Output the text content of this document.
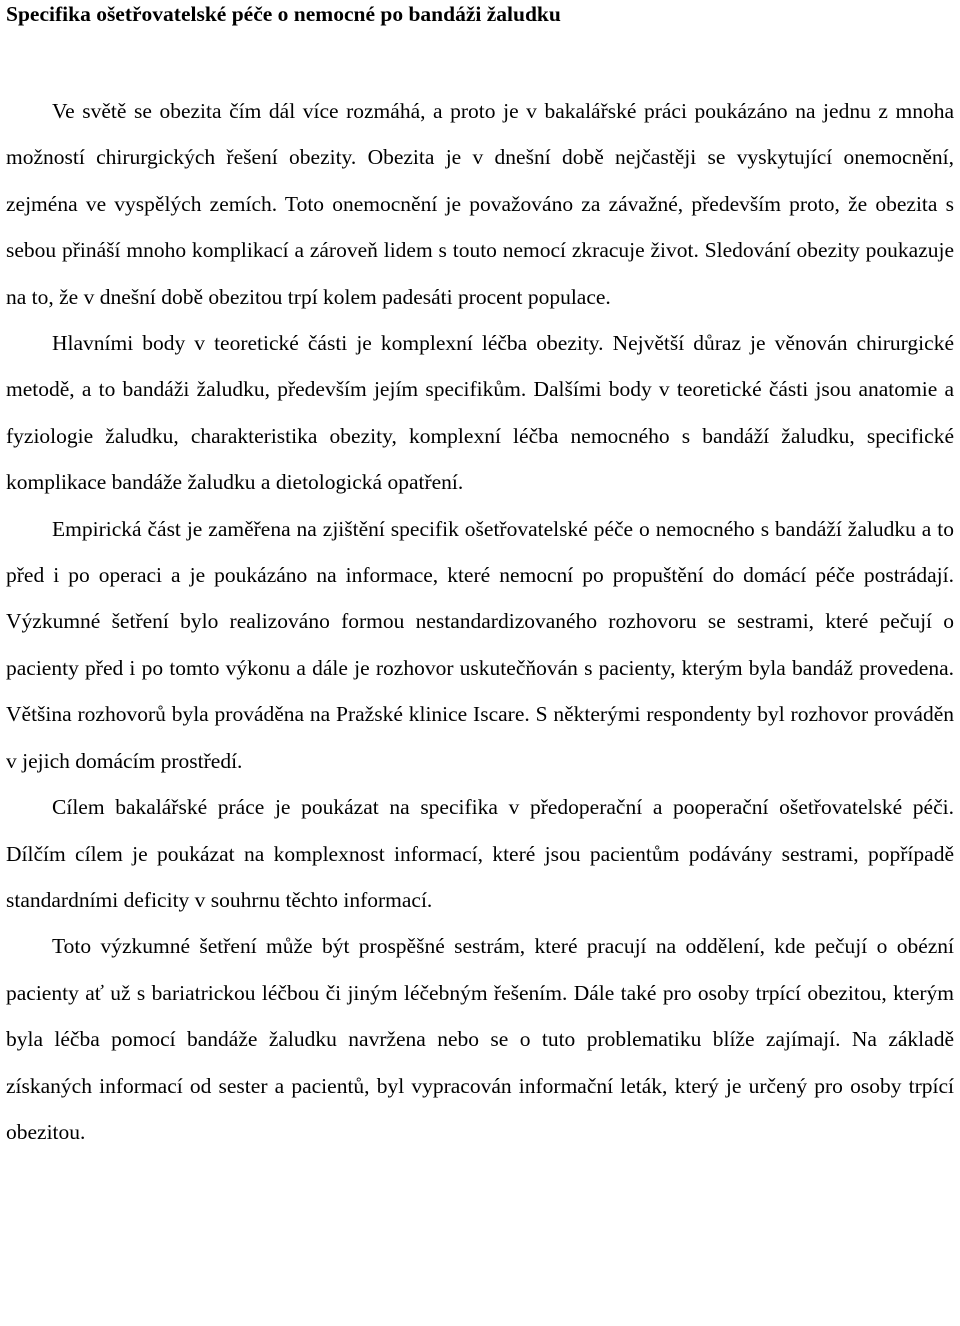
Specifika ošetřovatelské péče o nemocné po bandáži žaludku

Ve světě se obezita čím dál více rozmáhá, a proto je v bakalářské práci poukázáno na jednu z mnoha možností chirurgických řešení obezity. Obezita je v dnešní době nejčastěji se vyskytující onemocnění, zejména ve vyspělých zemích. Toto onemocnění je považováno za závažné, především proto, že obezita s sebou přináší mnoho komplikací a zároveň lidem s touto nemocí zkracuje život. Sledování obezity poukazuje na to, že v dnešní době obezitou trpí kolem padesáti procent populace.

Hlavními body v teoretické části je komplexní léčba obezity. Největší důraz je věnován chirurgické metodě, a to bandáži žaludku, především jejím specifikům. Dalšími body v teoretické části jsou anatomie a fyziologie žaludku, charakteristika obezity, komplexní léčba nemocného s bandáží žaludku, specifické komplikace bandáže žaludku a dietologická opatření.

Empirická část je zaměřena na zjištění specifik ošetřovatelské péče o nemocného s bandáží žaludku a to před i po operaci a je poukázáno na informace, které nemocní po propuštění do domácí péče postrádají. Výzkumné šetření bylo realizováno formou nestandardizovaného rozhovoru se sestrami, které pečují o pacienty před i po tomto výkonu a dále je rozhovor uskutečňován s pacienty, kterým byla bandáž provedena. Většina rozhovorů byla prováděna na Pražské klinice Iscare. S některými respondenty byl rozhovor prováděn v jejich domácím prostředí.

Cílem bakalářské práce je poukázat na specifika v předoperační a pooperační ošetřovatelské péči. Dílčím cílem je poukázat na komplexnost informací, které jsou pacientům podávány sestrami, popřípadě standardními deficity v souhrnu těchto informací.

Toto výzkumné šetření může být prospěšné sestrám, které pracují na oddělení, kde pečují o obézní pacienty ať už s bariatrickou léčbou či jiným léčebným řešením. Dále také pro osoby trpící obezitou, kterým byla léčba pomocí bandáže žaludku navržena nebo se o tuto problematiku blíže zajímají. Na základě získaných informací od sester a pacientů, byl vypracován informační leták, který je určený pro osoby trpící obezitou.
